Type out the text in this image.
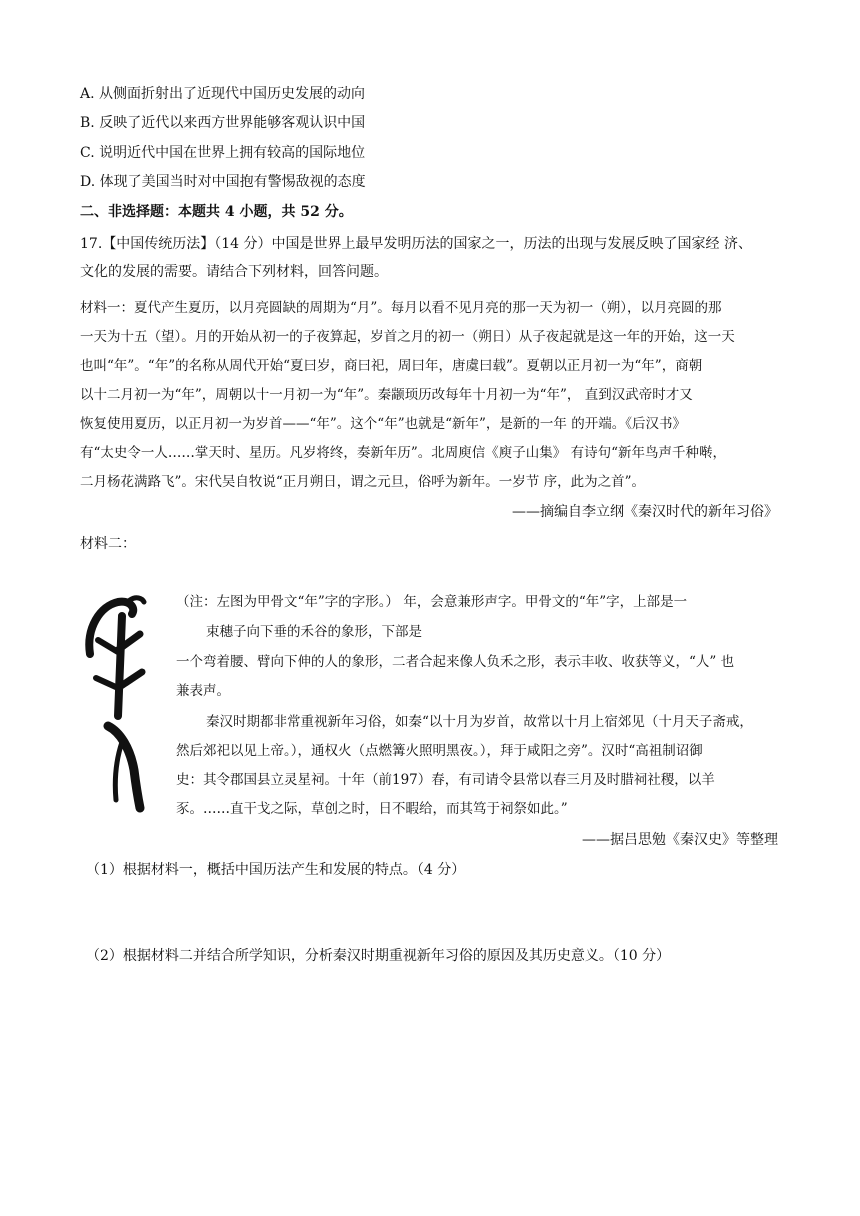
A. 从侧面折射出了近现代中国历史发展的动向
B. 反映了近代以来西方世界能够客观认识中国
C. 说明近代中国在世界上拥有较高的国际地位
D. 体现了美国当时对中国抱有警惕敌视的态度
二、非选择题：本题共 4 小题，共 52 分。
17.【中国传统历法】（14 分）中国是世界上最早发明历法的国家之一，历法的出现与发展反映了国家经 济、
文化的发展的需要。请结合下列材料，回答问题。
材料一：夏代产生夏历，以月亮圆缺的周期为“月”。每月以看不见月亮的那一天为初一（朔），以月亮圆的那
一天为十五（望）。月的开始从初一的子夜算起，岁首之月的初一（朔日）从子夜起就是这一年的开始，这一天
也叫“年”。“年”的名称从周代开始“夏曰岁，商曰祀，周曰年，唐虞曰载”。夏朝以正月初一为“年”，商朝
以十二月初一为“年”，周朝以十一月初一为“年”。秦颛顼历改每年十月初一为“年”， 直到汉武帝时才又
恢复使用夏历，以正月初一为岁首——“年”。这个“年”也就是“新年”，是新的一年 的开端。《后汉书》
有“太史令一人……掌天时、星历。凡岁将终，奏新年历”。北周庾信《庾子山集》 有诗句“新年鸟声千种啭，
二月杨花满路飞”。宋代吴自牧说“正月朔日，谓之元旦，俗呼为新年。一岁节 序，此为之首”。
——摘编自李立纲《秦汉时代的新年习俗》
材料二：
（注：左图为甲骨文“年”字的字形。） 年，会意兼形声字。甲骨文的“年”字，上部是一
束穗子向下垂的禾谷的象形，下部是
一个弯着腰、臂向下伸的人的象形，二者合起来像人负禾之形，表示丰收、收获等义，“人” 也
兼表声。
秦汉时期都非常重视新年习俗，如秦“以十月为岁首，故常以十月上宿郊见（十月天子斋戒，
然后郊祀以见上帝。），通权火（点燃篝火照明黑夜。），拜于咸阳之旁”。汉时“高祖制诏御
史：其令郡国县立灵星祠。十年（前197）春，有司请令县常以春三月及时腊祠社稷，以羊
豕。……直干戈之际，草创之时，日不暇给，而其笃于祠祭如此。”
——据吕思勉《秦汉史》等整理
（1）根据材料一，概括中国历法产生和发展的特点。（4 分）
（2）根据材料二并结合所学知识，分析秦汉时期重视新年习俗的原因及其历史意义。（10 分）
